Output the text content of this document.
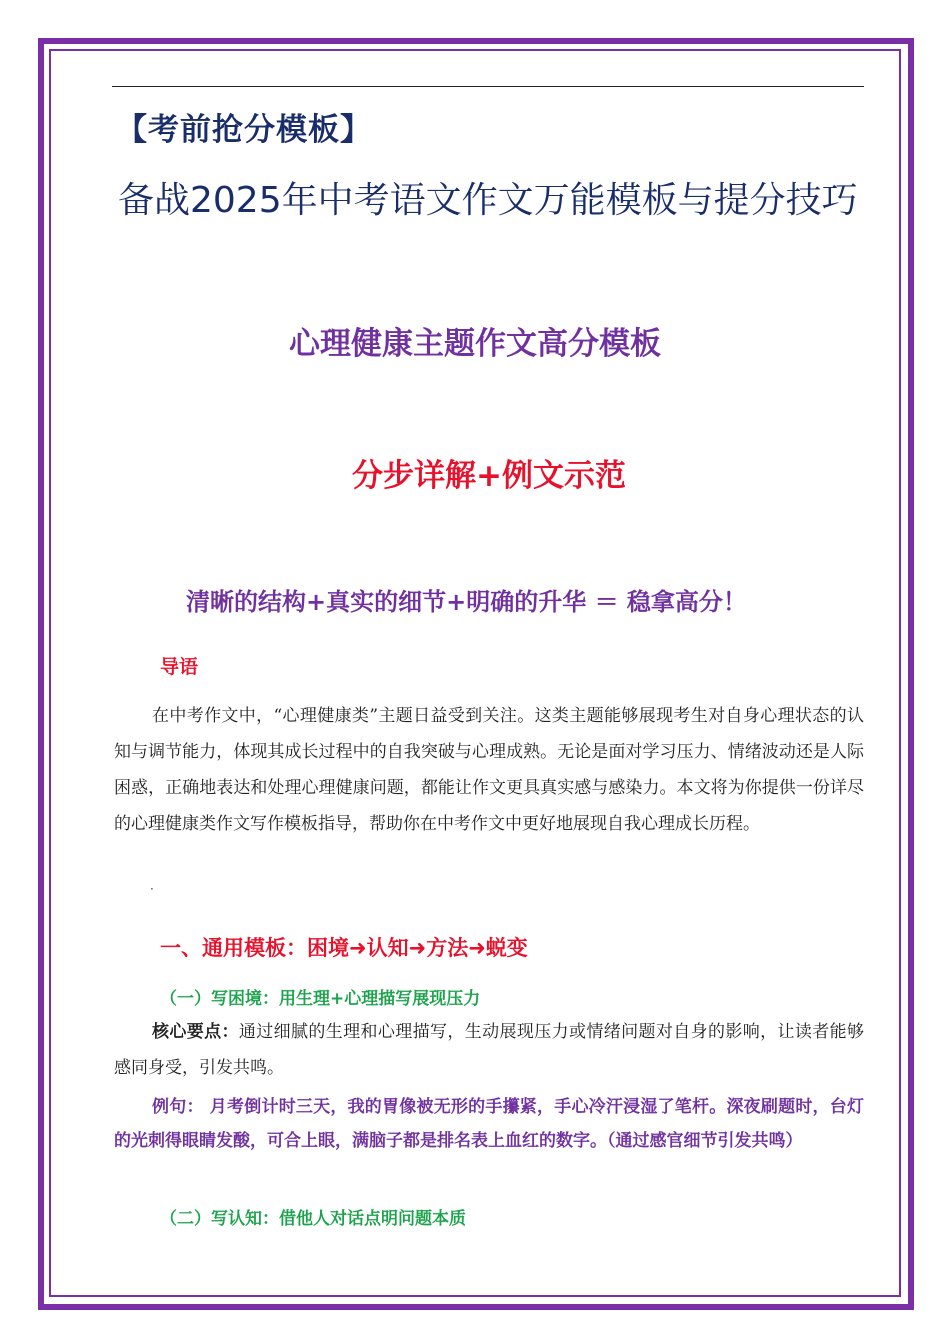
【考前抢分模板】
备战2025年中考语文作文万能模板与提分技巧
心理健康主题作文高分模板
分步详解+例文示范
清晰的结构+真实的细节+明确的升华 ＝ 稳拿高分！
导语
在中考作文中，“心理健康类”主题日益受到关注。这类主题能够展现考生对自身心理状态的认知与调节能力，体现其成长过程中的自我突破与心理成熟。无论是面对学习压力、情绪波动还是人际困惑，正确地表达和处理心理健康问题，都能让作文更具真实感与感染力。本文将为你提供一份详尽的心理健康类作文写作模板指导，帮助你在中考作文中更好地展现自我心理成长历程。
·
一、通用模板：困境➜认知➜方法➜蜕变
（一）写困境：用生理+心理描写展现压力
核心要点：通过细腻的生理和心理描写，生动展现压力或情绪问题对自身的影响，让读者能够感同身受，引发共鸣。
例句： 月考倒计时三天，我的胃像被无形的手攥紧，手心冷汗浸湿了笔杆。深夜刷题时，台灯的光刺得眼睛发酸，可合上眼，满脑子都是排名表上血红的数字。（通过感官细节引发共鸣）
（二）写认知：借他人对话点明问题本质
